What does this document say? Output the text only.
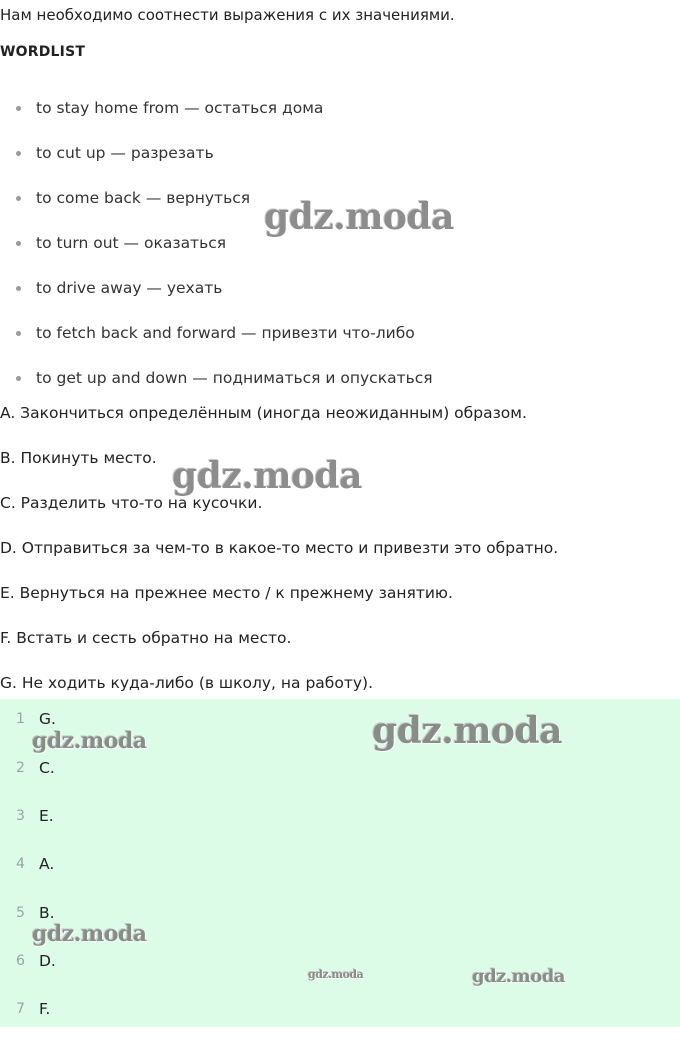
Нам необходимо соотнести выражения с их значениями.
WORDLIST
to stay home from — остаться дома
to cut up — разрезать
to come back — вернуться
to turn out — оказаться
to drive away — уехать
to fetch back and forward — привезти что-либо
to get up and down — подниматься и опускаться
A. Закончиться определённым (иногда неожиданным) образом.
B. Покинуть место.
C. Разделить что-то на кусочки.
D. Отправиться за чем-то в какое-то место и привезти это обратно.
E. Вернуться на прежнее место / к прежнему занятию.
F. Встать и сесть обратно на место.
G. Не ходить куда-либо (в школу, на работу).
1 G.
2 C.
3 E.
4 A.
5 B.
6 D.
7 F.
gdz.moda
gdz.moda
gdz.moda
gdz.moda
gdz.moda
gdz.moda	gdz.moda
